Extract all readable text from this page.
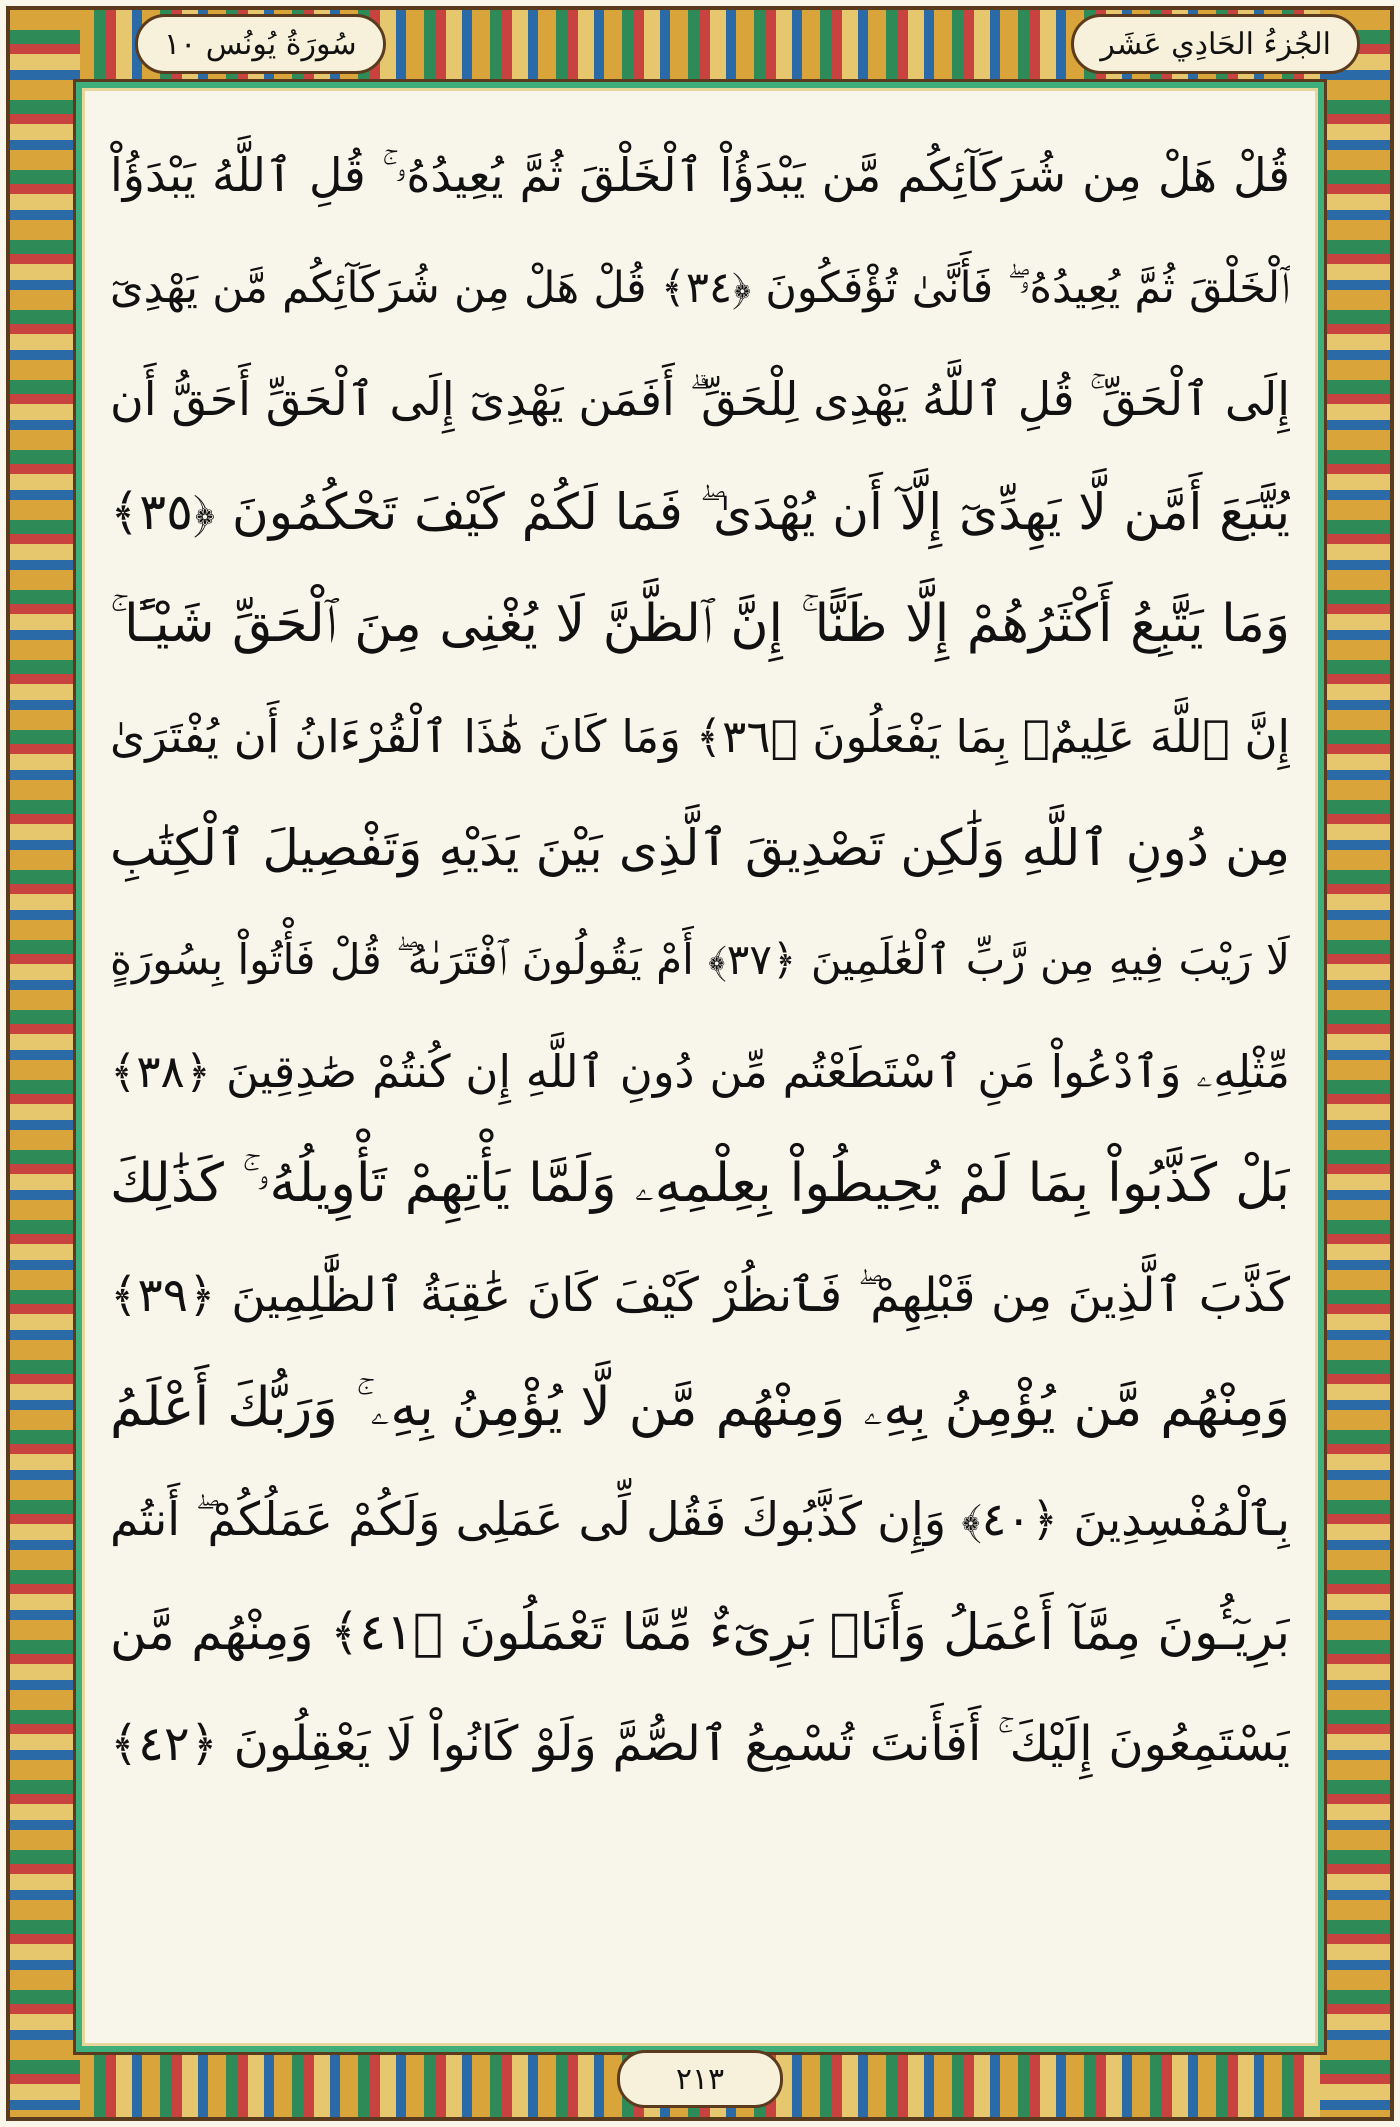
الجُزءُ الحَادِي عَشَر
سُورَةُ يُونُس ١٠
قُلْ هَلْ مِن شُرَكَآئِكُم مَّن يَبْدَؤُاْ ٱلْخَلْقَ ثُمَّ يُعِيدُهُۥ ۚ قُلِ ٱللَّهُ يَبْدَؤُاْ
ٱلْخَلْقَ ثُمَّ يُعِيدُهُۥ ۖ فَأَنَّىٰ تُؤْفَكُونَ ﴿٣٤﴾ قُلْ هَلْ مِن شُرَكَآئِكُم مَّن يَهْدِىٓ
إِلَى ٱلْحَقِّ ۚ قُلِ ٱللَّهُ يَهْدِى لِلْحَقِّ ۗ أَفَمَن يَهْدِىٓ إِلَى ٱلْحَقِّ أَحَقُّ أَن
يُتَّبَعَ أَمَّن لَّا يَهِدِّىٓ إِلَّآ أَن يُهْدَىٰ ۖ فَمَا لَكُمْ كَيْفَ تَحْكُمُونَ ﴿٣٥﴾
وَمَا يَتَّبِعُ أَكْثَرُهُمْ إِلَّا ظَنًّا ۚ إِنَّ ٱلظَّنَّ لَا يُغْنِى مِنَ ٱلْحَقِّ شَيْـًٔا ۚ
إِنَّ ٱللَّهَ عَلِيمٌۢ بِمَا يَفْعَلُونَ ﴿٣٦﴾ وَمَا كَانَ هَٰذَا ٱلْقُرْءَانُ أَن يُفْتَرَىٰ
مِن دُونِ ٱللَّهِ وَلَٰكِن تَصْدِيقَ ٱلَّذِى بَيْنَ يَدَيْهِ وَتَفْصِيلَ ٱلْكِتَٰبِ
لَا رَيْبَ فِيهِ مِن رَّبِّ ٱلْعَٰلَمِينَ ﴿٣٧﴾ أَمْ يَقُولُونَ ٱفْتَرَىٰهُ ۖ قُلْ فَأْتُواْ بِسُورَةٍ
مِّثْلِهِۦ وَٱدْعُواْ مَنِ ٱسْتَطَعْتُم مِّن دُونِ ٱللَّهِ إِن كُنتُمْ صَٰدِقِينَ ﴿٣٨﴾
بَلْ كَذَّبُواْ بِمَا لَمْ يُحِيطُواْ بِعِلْمِهِۦ وَلَمَّا يَأْتِهِمْ تَأْوِيلُهُۥ ۚ كَذَٰلِكَ
كَذَّبَ ٱلَّذِينَ مِن قَبْلِهِمْ ۖ فَٱنظُرْ كَيْفَ كَانَ عَٰقِبَةُ ٱلظَّٰلِمِينَ ﴿٣٩﴾
وَمِنْهُم مَّن يُؤْمِنُ بِهِۦ وَمِنْهُم مَّن لَّا يُؤْمِنُ بِهِۦ ۚ وَرَبُّكَ أَعْلَمُ
بِٱلْمُفْسِدِينَ ﴿٤٠﴾ وَإِن كَذَّبُوكَ فَقُل لِّى عَمَلِى وَلَكُمْ عَمَلُكُمْ ۖ أَنتُم
بَرِيٓـُٔونَ مِمَّآ أَعْمَلُ وَأَنَا۠ بَرِىٓءٌ مِّمَّا تَعْمَلُونَ ﴿٤١﴾ وَمِنْهُم مَّن
يَسْتَمِعُونَ إِلَيْكَ ۚ أَفَأَنتَ تُسْمِعُ ٱلصُّمَّ وَلَوْ كَانُواْ لَا يَعْقِلُونَ ﴿٤٢﴾
٢١٣
